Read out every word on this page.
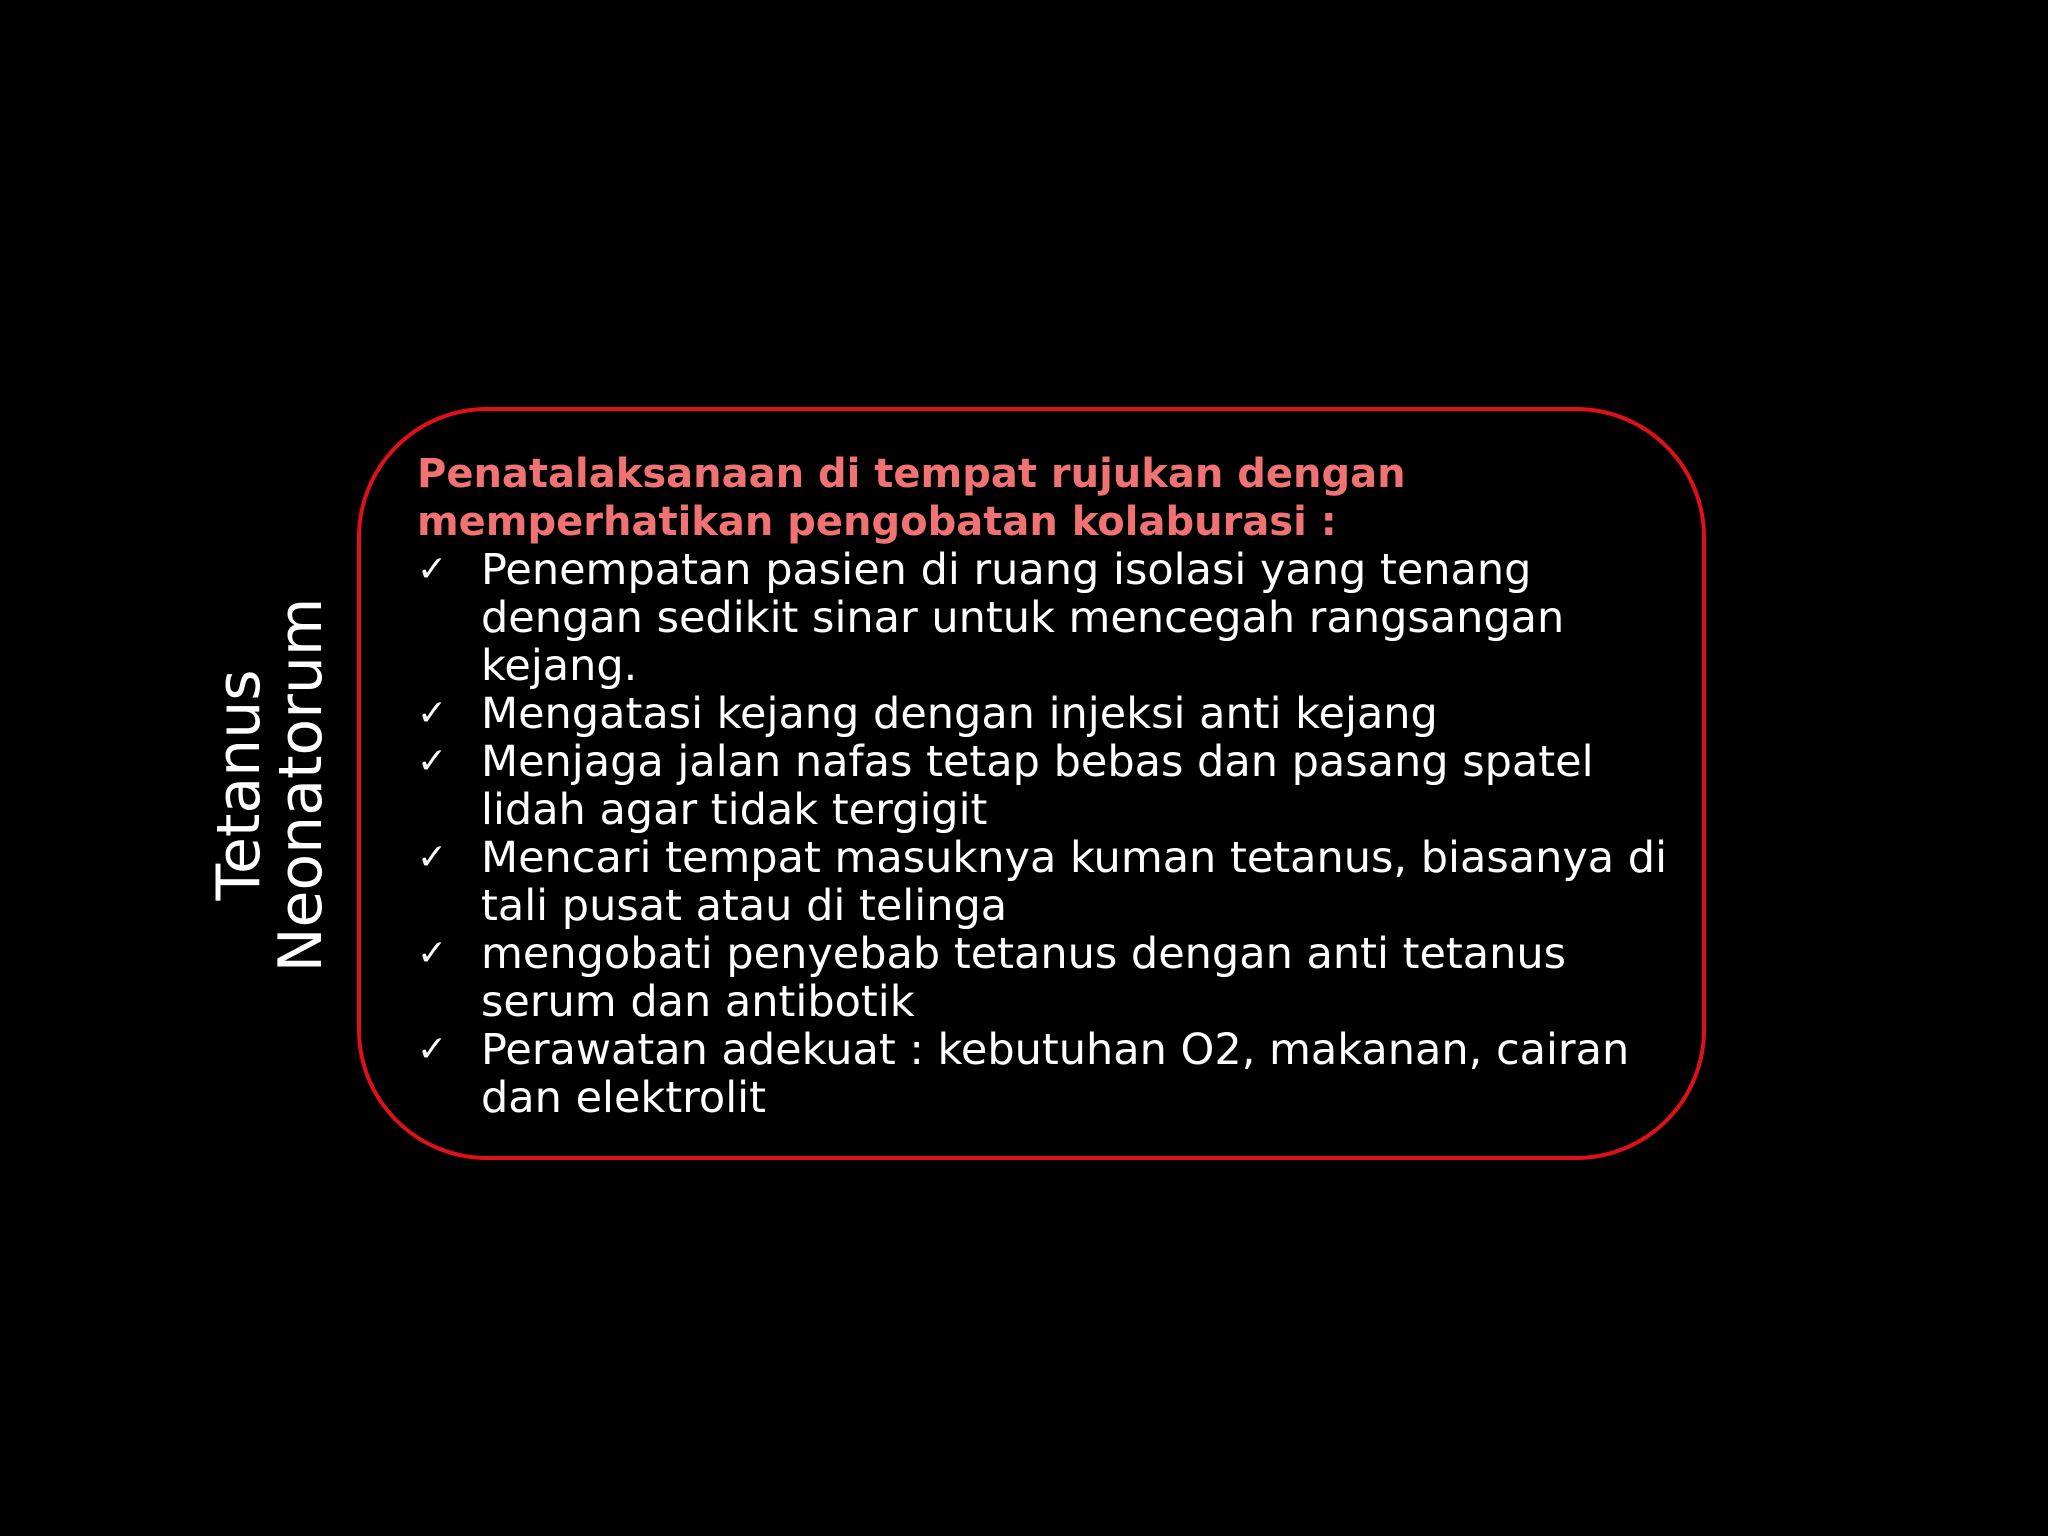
Tetanus
Neonatorum

Penatalaksanaan di tempat rujukan dengan
memperhatikan pengobatan kolaburasi :

✓ Penempatan pasien di ruang isolasi yang tenang dengan sedikit sinar untuk mencegah rangsangan kejang.
✓ Mengatasi kejang dengan injeksi anti kejang
✓ Menjaga jalan nafas tetap bebas dan pasang spatel lidah agar tidak tergigit
✓ Mencari tempat masuknya kuman tetanus, biasanya di tali pusat atau di telinga
✓ mengobati penyebab tetanus dengan anti tetanus serum dan antibotik
✓ Perawatan adekuat : kebutuhan O2, makanan, cairan dan elektrolit
